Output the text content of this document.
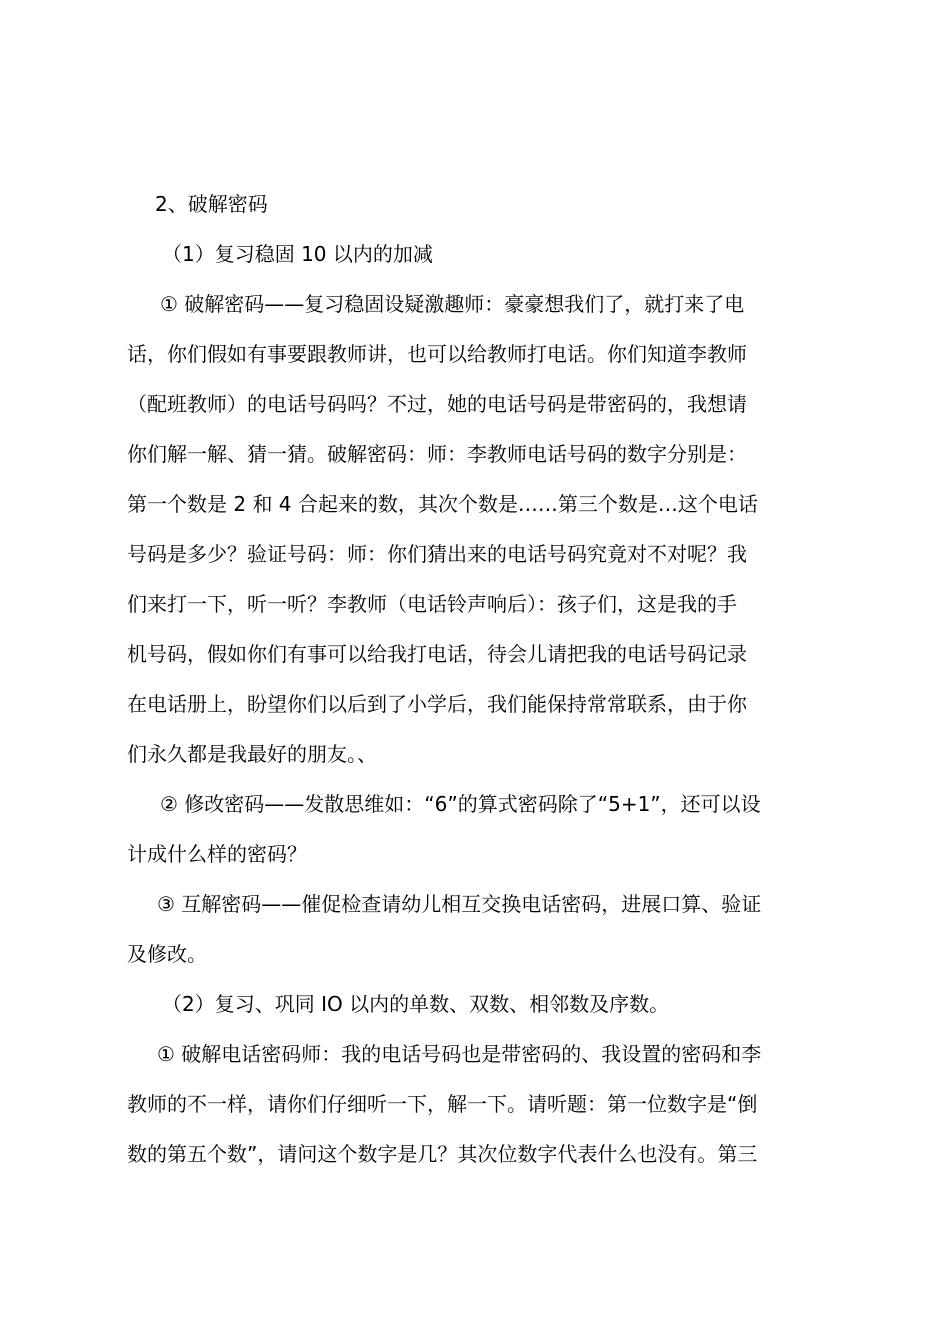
2、破解密码
（1）复习稳固 10 以内的加减
① 破解密码——复习稳固设疑激趣师：豪豪想我们了，就打来了电
话，你们假如有事要跟教师讲，也可以给教师打电话。你们知道李教师
（配班教师）的电话号码吗？不过，她的电话号码是带密码的，我想请
你们解一解、猜一猜。破解密码：师：李教师电话号码的数字分别是：
第一个数是 2 和 4 合起来的数，其次个数是……第三个数是…这个电话
号码是多少？验证号码：师：你们猜出来的电话号码究竟对不对呢？我
们来打一下，听一听？李教师（电话铃声响后）：孩子们，这是我的手
机号码，假如你们有事可以给我打电话，待会儿请把我的电话号码记录
在电话册上，盼望你们以后到了小学后，我们能保持常常联系，由于你
们永久都是我最好的朋友。、
② 修改密码——发散思维如：“6”的算式密码除了“5+1”，还可以设
计成什么样的密码？
③ 互解密码——催促检查请幼儿相互交换电话密码，进展口算、验证
及修改。
（2）复习、巩同 IO 以内的单数、双数、相邻数及序数。
① 破解电话密码师：我的电话号码也是带密码的、我设置的密码和李
教师的不一样，请你们仔细听一下，解一下。请听题：第一位数字是“倒
数的第五个数”，请问这个数字是几？其次位数字代表什么也没有。第三
